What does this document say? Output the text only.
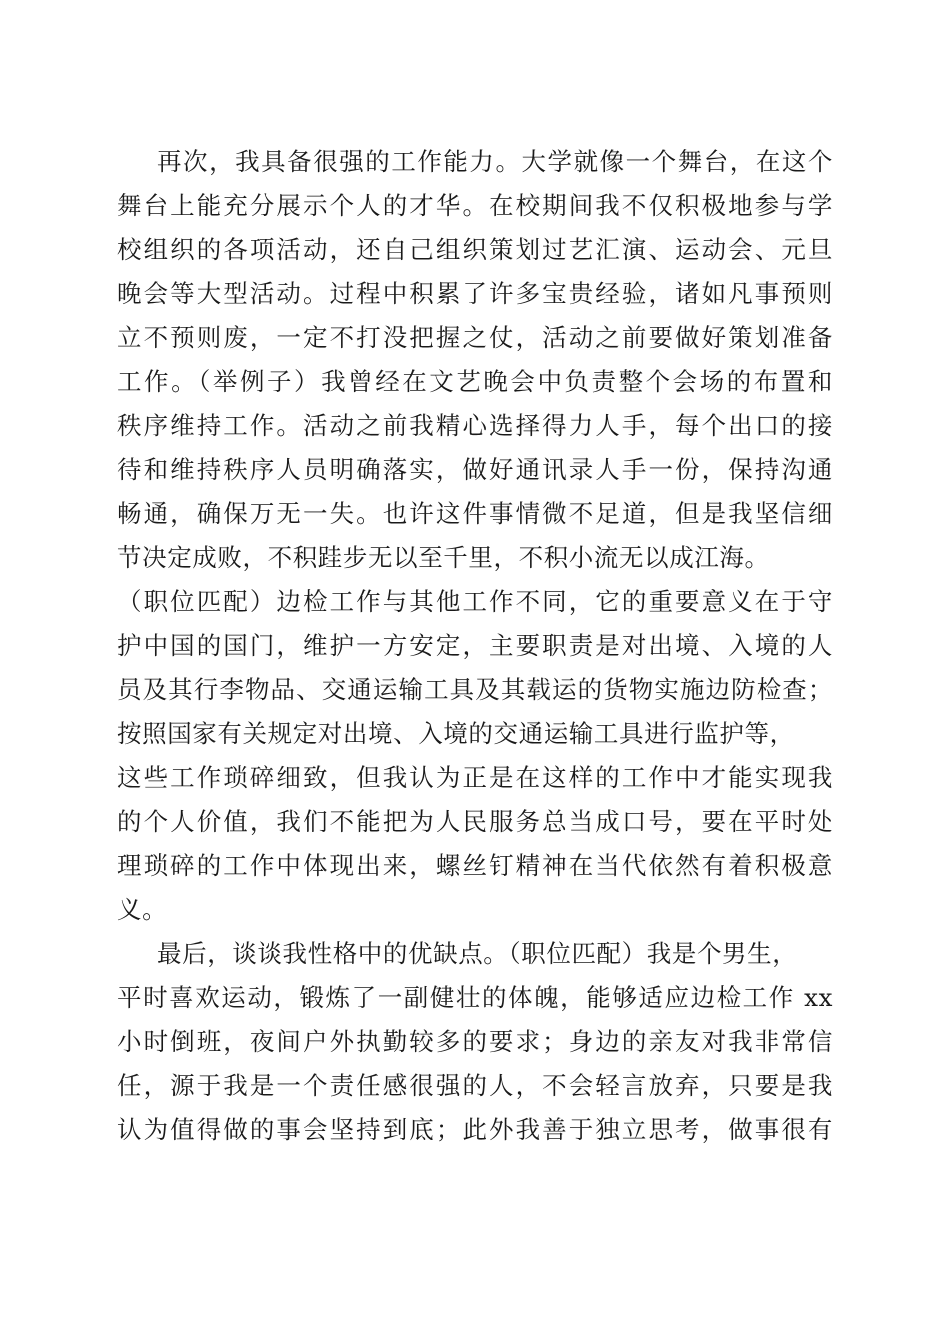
再次，我具备很强的工作能力。大学就像一个舞台，在这个
舞台上能充分展示个人的才华。在校期间我不仅积极地参与学
校组织的各项活动，还自己组织策划过艺汇演、运动会、元旦
晚会等大型活动。过程中积累了许多宝贵经验，诸如凡事预则
立不预则废，一定不打没把握之仗，活动之前要做好策划准备
工作。（举例子）我曾经在文艺晚会中负责整个会场的布置和
秩序维持工作。活动之前我精心选择得力人手，每个出口的接
待和维持秩序人员明确落实，做好通讯录人手一份，保持沟通
畅通，确保万无一失。也许这件事情微不足道，但是我坚信细
节决定成败，不积跬步无以至千里，不积小流无以成江海。
（职位匹配）边检工作与其他工作不同，它的重要意义在于守
护中国的国门，维护一方安定，主要职责是对出境、入境的人
员及其行李物品、交通运输工具及其载运的货物实施边防检查；
按照国家有关规定对出境、入境的交通运输工具进行监护等，
这些工作琐碎细致，但我认为正是在这样的工作中才能实现我
的个人价值，我们不能把为人民服务总当成口号，要在平时处
理琐碎的工作中体现出来，螺丝钉精神在当代依然有着积极意
义。
最后，谈谈我性格中的优缺点。（职位匹配）我是个男生，
平时喜欢运动，锻炼了一副健壮的体魄，能够适应边检工作 xx
小时倒班，夜间户外执勤较多的要求；身边的亲友对我非常信
任，源于我是一个责任感很强的人，不会轻言放弃，只要是我
认为值得做的事会坚持到底；此外我善于独立思考，做事很有
